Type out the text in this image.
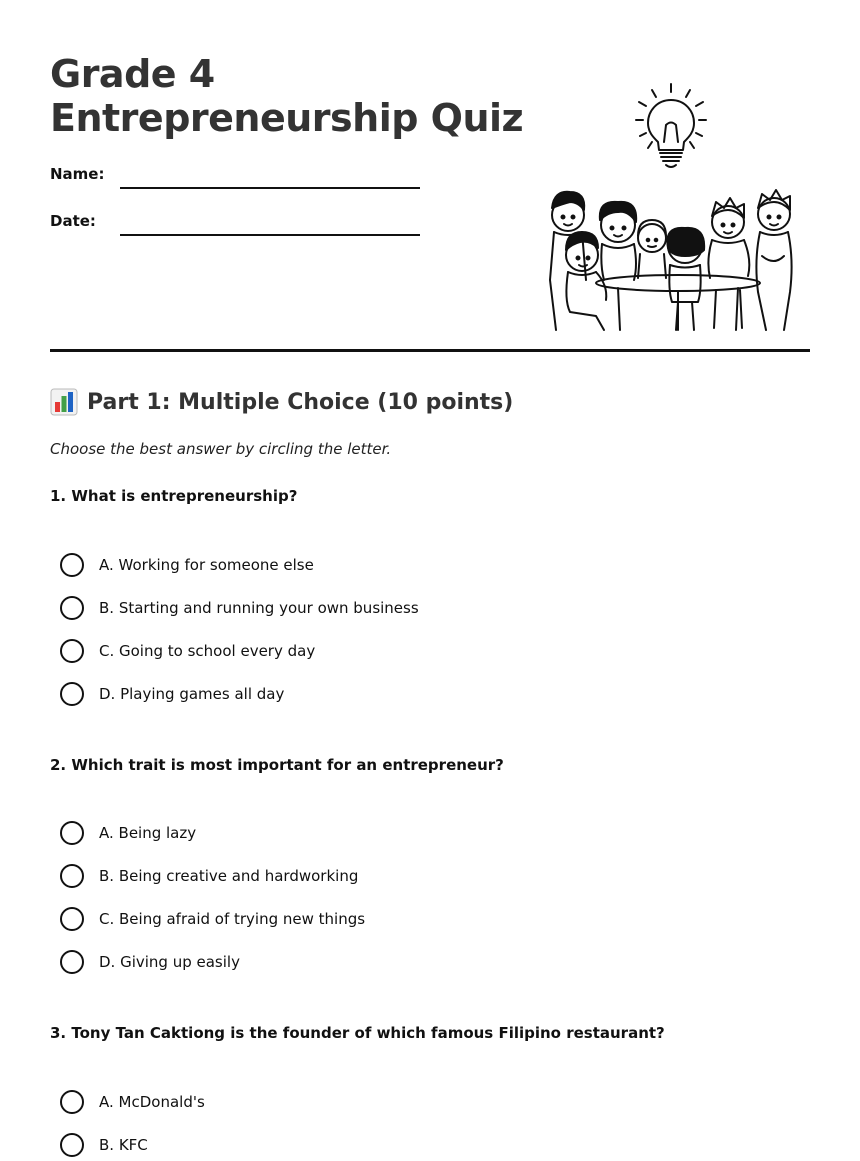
Grade 4
Entrepreneurship Quiz
Name:
Date:
Part 1: Multiple Choice (10 points)
Choose the best answer by circling the letter.
1. What is entrepreneurship?
A. Working for someone else
B. Starting and running your own business
C. Going to school every day
D. Playing games all day
2. Which trait is most important for an entrepreneur?
A. Being lazy
B. Being creative and hardworking
C. Being afraid of trying new things
D. Giving up easily
3. Tony Tan Caktiong is the founder of which famous Filipino restaurant?
A. McDonald's
B. KFC
